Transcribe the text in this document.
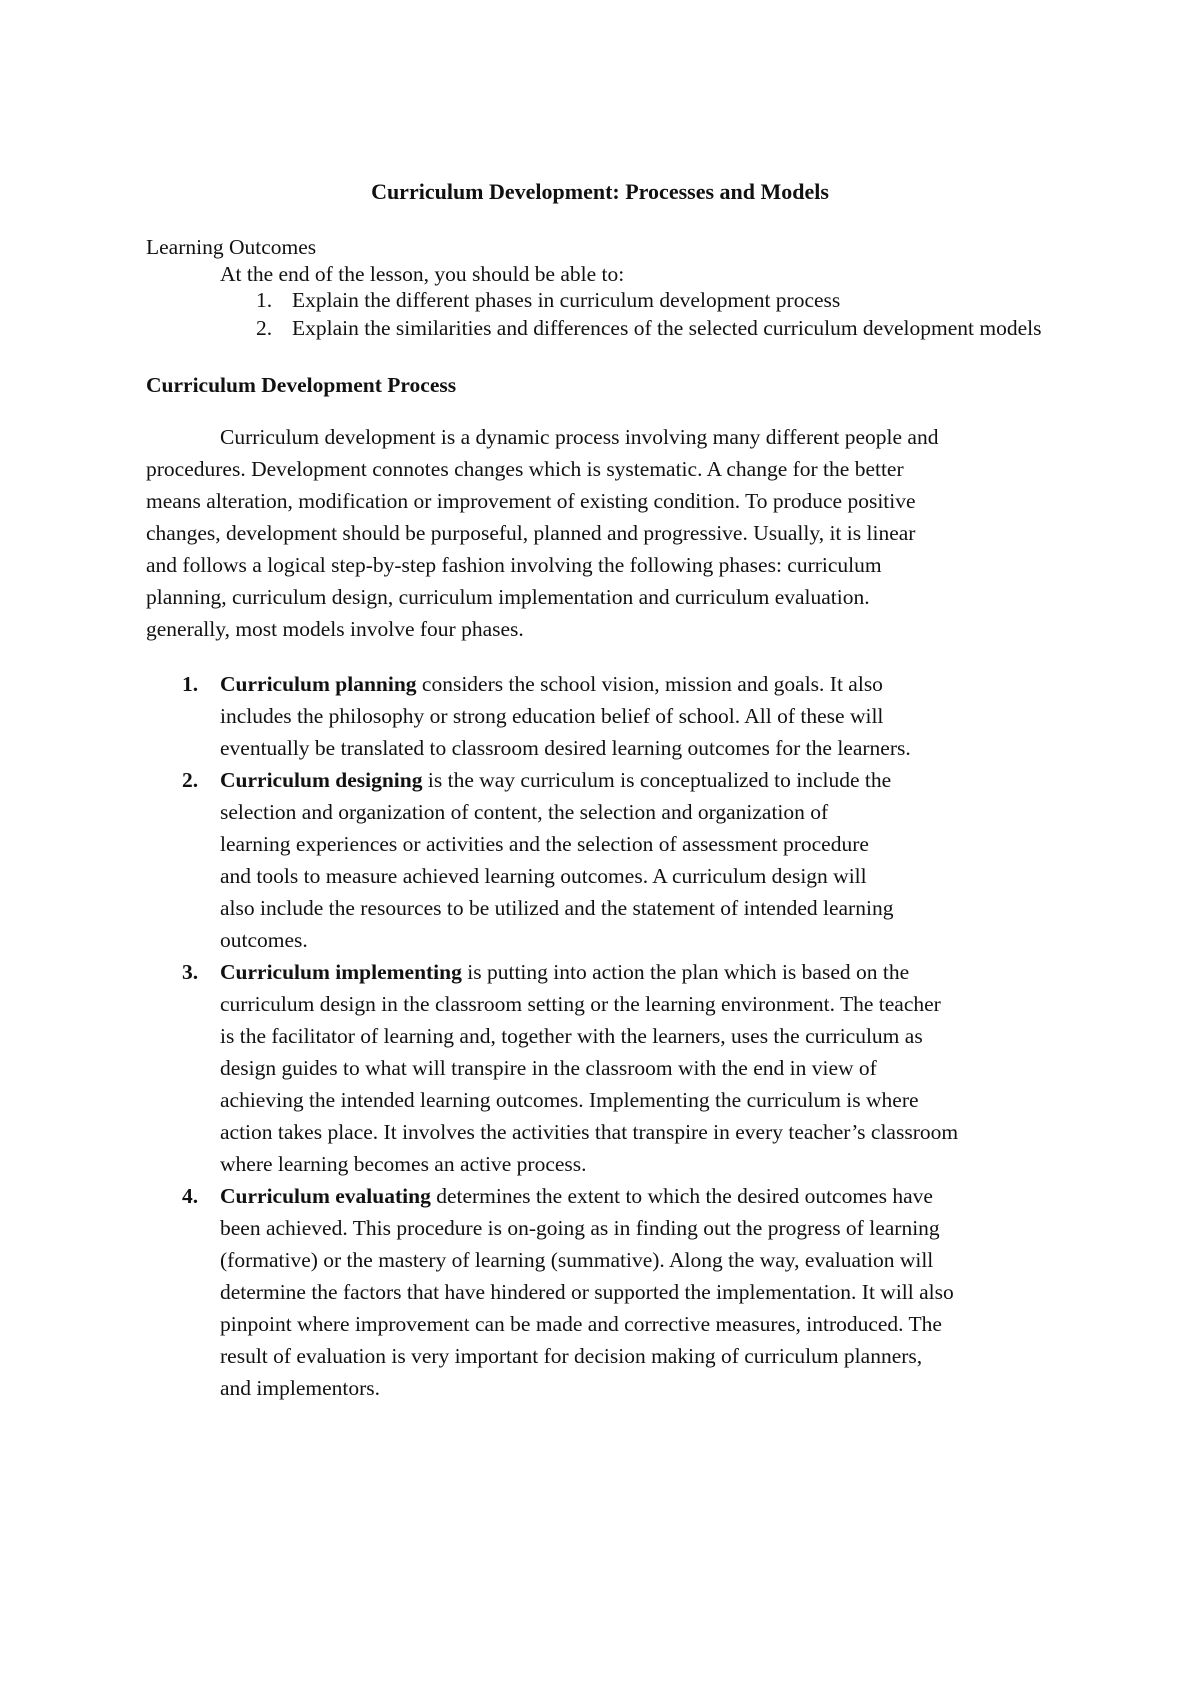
Curriculum Development: Processes and Models
Learning Outcomes
At the end of the lesson, you should be able to:
1. Explain the different phases in curriculum development process
2. Explain the similarities and differences of the selected curriculum development models
Curriculum Development Process
Curriculum development is a dynamic process involving many different people and
procedures. Development connotes changes which is systematic. A change for the better
means alteration, modification or improvement of existing condition. To produce positive
changes, development should be purposeful, planned and progressive. Usually, it is linear
and follows a logical step-by-step fashion involving the following phases: curriculum
planning, curriculum design, curriculum implementation and curriculum evaluation.
generally, most models involve four phases.
1. Curriculum planning considers the school vision, mission and goals. It also
includes the philosophy or strong education belief of school. All of these will
eventually be translated to classroom desired learning outcomes for the learners.
2. Curriculum designing is the way curriculum is conceptualized to include the
selection and organization of content, the selection and organization of
learning experiences or activities and the selection of assessment procedure
and tools to measure achieved learning outcomes. A curriculum design will
also include the resources to be utilized and the statement of intended learning
outcomes.
3. Curriculum implementing is putting into action the plan which is based on the
curriculum design in the classroom setting or the learning environment. The teacher
is the facilitator of learning and, together with the learners, uses the curriculum as
design guides to what will transpire in the classroom with the end in view of
achieving the intended learning outcomes. Implementing the curriculum is where
action takes place. It involves the activities that transpire in every teacher’s classroom
where learning becomes an active process.
4. Curriculum evaluating determines the extent to which the desired outcomes have
been achieved. This procedure is on-going as in finding out the progress of learning
(formative) or the mastery of learning (summative). Along the way, evaluation will
determine the factors that have hindered or supported the implementation. It will also
pinpoint where improvement can be made and corrective measures, introduced. The
result of evaluation is very important for decision making of curriculum planners,
and implementors.
